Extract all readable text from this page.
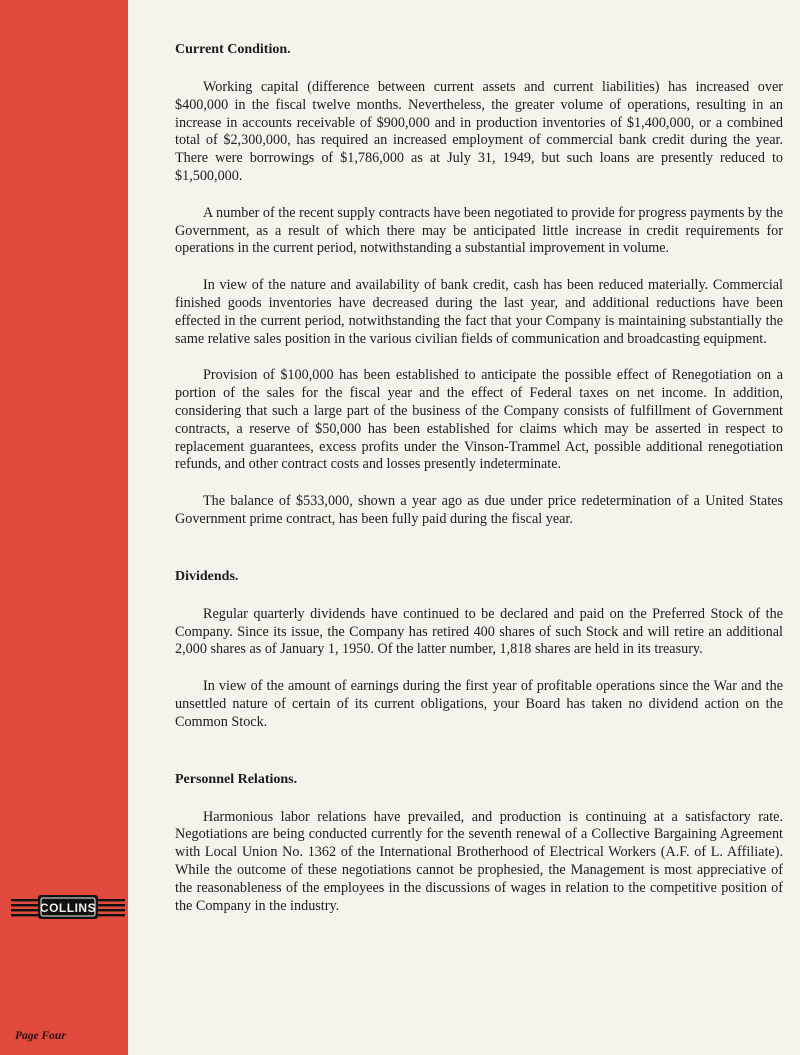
COLLINS
Page Four
Current Condition.

Working capital (difference between current assets and current liabilities) has increased over $400,000 in the fiscal twelve months. Nevertheless, the greater volume of operations, resulting in an increase in accounts receivable of $900,000 and in production inventories of $1,400,000, or a combined total of $2,300,000, has required an increased employment of commercial bank credit during the year. There were borrowings of $1,786,000 as at July 31, 1949, but such loans are presently reduced to $1,500,000.

A number of the recent supply contracts have been negotiated to provide for progress payments by the Government, as a result of which there may be anticipated little increase in credit requirements for operations in the current period, notwithstanding a substantial improvement in volume.

In view of the nature and availability of bank credit, cash has been reduced materially. Commercial finished goods inventories have decreased during the last year, and additional reductions have been effected in the current period, notwithstanding the fact that your Company is maintaining substantially the same relative sales position in the various civilian fields of communication and broadcasting equipment.

Provision of $100,000 has been established to anticipate the possible effect of Renegotiation on a portion of the sales for the fiscal year and the effect of Federal taxes on net income. In addition, considering that such a large part of the business of the Company consists of fulfillment of Government contracts, a reserve of $50,000 has been established for claims which may be asserted in respect to replacement guarantees, excess profits under the Vinson-Trammel Act, possible additional renegotiation refunds, and other contract costs and losses presently indeterminate.

The balance of $533,000, shown a year ago as due under price redetermination of a United States Government prime contract, has been fully paid during the fiscal year.

Dividends.

Regular quarterly dividends have continued to be declared and paid on the Preferred Stock of the Company. Since its issue, the Company has retired 400 shares of such Stock and will retire an additional 2,000 shares as of January 1, 1950. Of the latter number, 1,818 shares are held in its treasury.

In view of the amount of earnings during the first year of profitable operations since the War and the unsettled nature of certain of its current obligations, your Board has taken no dividend action on the Common Stock.

Personnel Relations.

Harmonious labor relations have prevailed, and production is continuing at a satisfactory rate. Negotiations are being conducted currently for the seventh renewal of a Collective Bargaining Agreement with Local Union No. 1362 of the International Brotherhood of Electrical Workers (A.F. of L. Affiliate). While the outcome of these negotiations cannot be prophesied, the Management is most appreciative of the reasonableness of the employees in the discussions of wages in relation to the competitive position of the Company in the industry.
